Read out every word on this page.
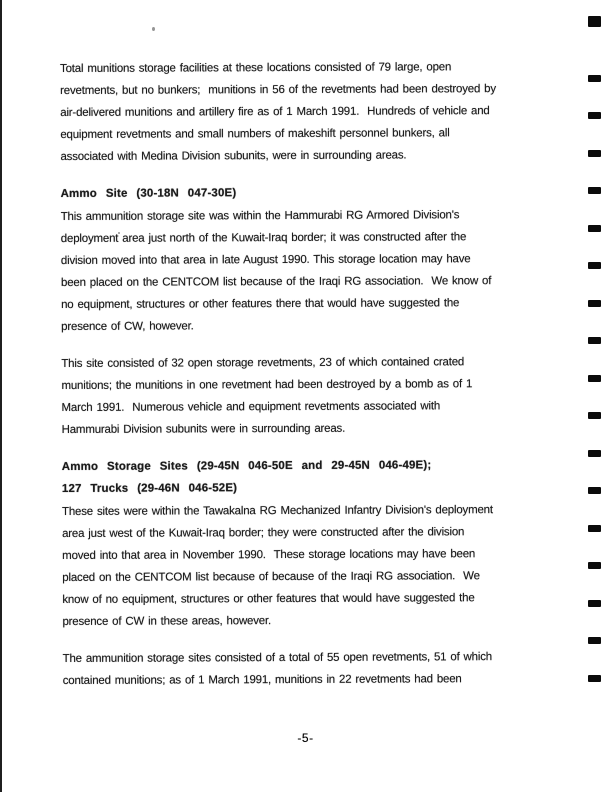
Total munitions storage facilities at these locations consisted of 79 large, open
revetments, but no bunkers;  munitions in 56 of the revetments had been destroyed by
air-delivered munitions and artillery fire as of 1 March 1991.  Hundreds of vehicle and
equipment revetments and small numbers of makeshift personnel bunkers, all
associated with Medina Division subunits, were in surrounding areas.
Ammo Site (30-18N 047-30E)
This ammunition storage site was within the Hammurabi RG Armored Division's
deployment area just north of the Kuwait-Iraq border; it was constructed after the
division moved into that area in late August 1990. This storage location may have
been placed on the CENTCOM list because of the Iraqi RG association.  We know of
no equipment, structures or other features there that would have suggested the
presence of CW, however.
This site consisted of 32 open storage revetments, 23 of which contained crated
munitions; the munitions in one revetment had been destroyed by a bomb as of 1
March 1991.  Numerous vehicle and equipment revetments associated with
Hammurabi Division subunits were in surrounding areas.
Ammo Storage Sites (29-45N 046-50E and 29-45N 046-49E);
127 Trucks (29-46N 046-52E)
These sites were within the Tawakalna RG Mechanized Infantry Division's deployment
area just west of the Kuwait-Iraq border; they were constructed after the division
moved into that area in November 1990.  These storage locations may have been
placed on the CENTCOM list because of because of the Iraqi RG association.  We
know of no equipment, structures or other features that would have suggested the
presence of CW in these areas, however.
The ammunition storage sites consisted of a total of 55 open revetments, 51 of which
contained munitions; as of 1 March 1991, munitions in 22 revetments had been
-5-
